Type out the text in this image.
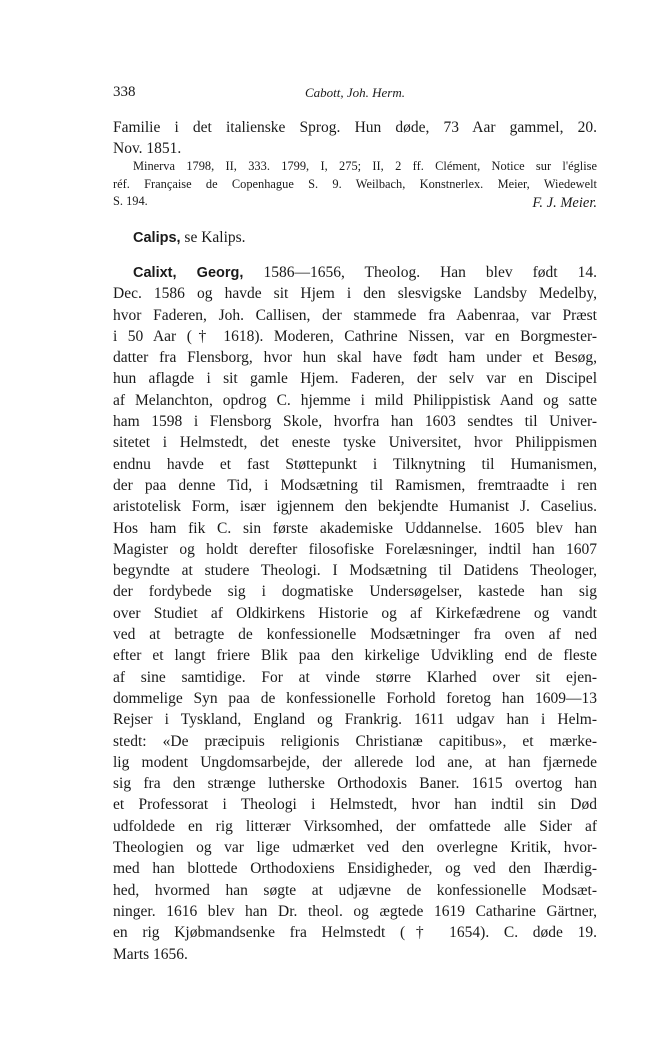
338	Cabott, Joh. Herm.
Familie i det italienske Sprog. Hun døde, 73 Aar gammel, 20.
Nov. 1851.
Minerva 1798, II, 333. 1799, I, 275; II, 2 ff. Clément, Notice sur l'église
réf. Française de Copenhague S. 9. Weilbach, Konstnerlex. Meier, Wiedewelt
S. 194.	F. J. Meier.
Calips, se Kalips.
Calixt, Georg, 1586—1656, Theolog. Han blev født 14.
Dec. 1586 og havde sit Hjem i den slesvigske Landsby Medelby,
hvor Faderen, Joh. Callisen, der stammede fra Aabenraa, var Præst
i 50 Aar († 1618). Moderen, Cathrine Nissen, var en Borgmester-
datter fra Flensborg, hvor hun skal have født ham under et Besøg,
hun aflagde i sit gamle Hjem. Faderen, der selv var en Discipel
af Melanchton, opdrog C. hjemme i mild Philippistisk Aand og satte
ham 1598 i Flensborg Skole, hvorfra han 1603 sendtes til Univer-
sitetet i Helmstedt, det eneste tyske Universitet, hvor Philippismen
endnu havde et fast Støttepunkt i Tilknytning til Humanismen,
der paa denne Tid, i Modsætning til Ramismen, fremtraadte i ren
aristotelisk Form, især igjennem den bekjendte Humanist J. Caselius.
Hos ham fik C. sin første akademiske Uddannelse. 1605 blev han
Magister og holdt derefter filosofiske Forelæsninger, indtil han 1607
begyndte at studere Theologi. I Modsætning til Datidens Theologer,
der fordybede sig i dogmatiske Undersøgelser, kastede han sig
over Studiet af Oldkirkens Historie og af Kirkefædrene og vandt
ved at betragte de konfessionelle Modsætninger fra oven af ned
efter et langt friere Blik paa den kirkelige Udvikling end de fleste
af sine samtidige. For at vinde større Klarhed over sit ejen-
dommelige Syn paa de konfessionelle Forhold foretog han 1609—13
Rejser i Tyskland, England og Frankrig. 1611 udgav han i Helm-
stedt: «De præcipuis religionis Christianæ capitibus», et mærke-
lig modent Ungdomsarbejde, der allerede lod ane, at han fjærnede
sig fra den strænge lutherske Orthodoxis Baner. 1615 overtog han
et Professorat i Theologi i Helmstedt, hvor han indtil sin Død
udfoldede en rig litterær Virksomhed, der omfattede alle Sider af
Theologien og var lige udmærket ved den overlegne Kritik, hvor-
med han blottede Orthodoxiens Ensidigheder, og ved den Ihærdig-
hed, hvormed han søgte at udjævne de konfessionelle Modsæt-
ninger. 1616 blev han Dr. theol. og ægtede 1619 Catharine Gärtner,
en rig Kjøbmandsenke fra Helmstedt († 1654). C. døde 19.
Marts 1656.
